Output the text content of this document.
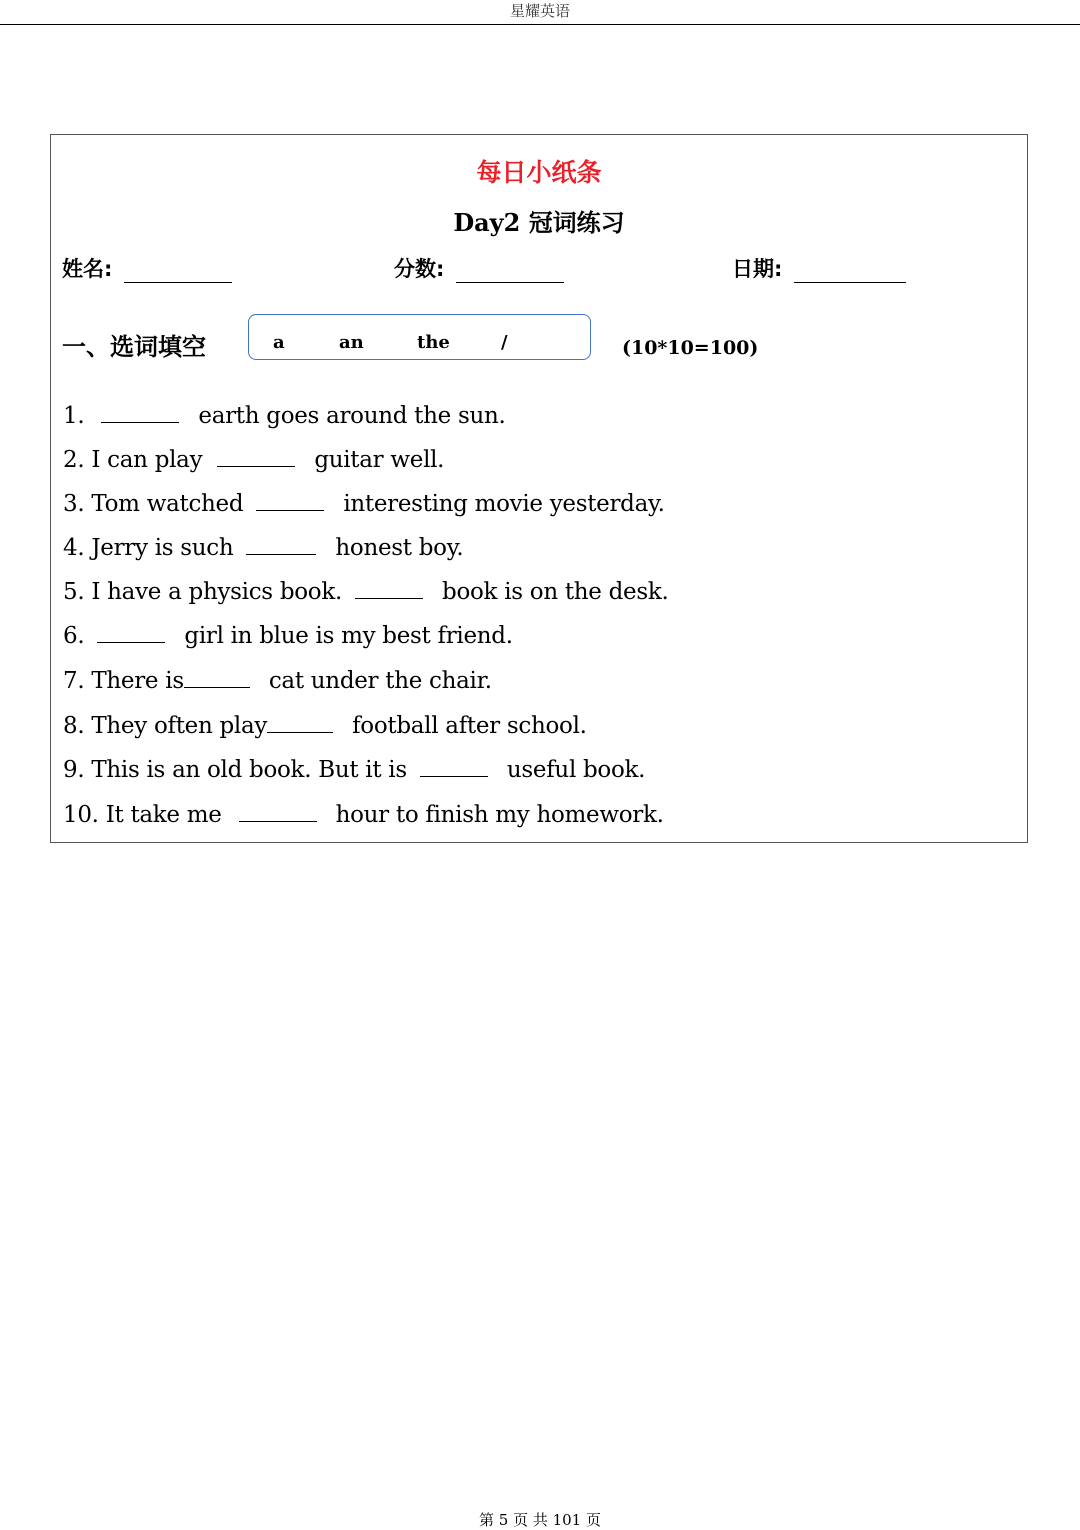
星耀英语
每日小纸条
Day2 冠词练习
姓名:	分数:	日期:
一、选词填空	a	an	the	/	(10*10=100)
1.	earth goes around the sun.
2. I can play	guitar well.
3. Tom watched	interesting movie yesterday.
4. Jerry is such	honest boy.
5. I have a physics book.	book is on the desk.
6.	girl in blue is my best friend.
7. There is	cat under the chair.
8. They often play	football after school.
9. This is an old book. But it is	useful book.
10. It take me	hour to finish my homework.
第 5 页 共 101 页
